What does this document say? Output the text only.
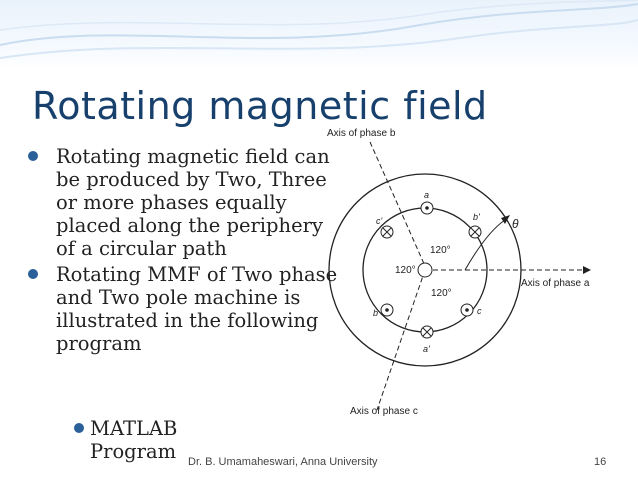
Rotating magnetic field
Axis of phase b
Axis of phase a
Axis of phase c
θ
120°
120°
120°
a
b'
c'
b	c
a'
Rotating magnetic field can be produced by Two, Three or more phases equally placed along the periphery of a circular path
Rotating MMF of Two phase and Two pole machine is illustrated in the following program
MATLAB
Program Dr. B. Umamaheswari, Anna University	16
